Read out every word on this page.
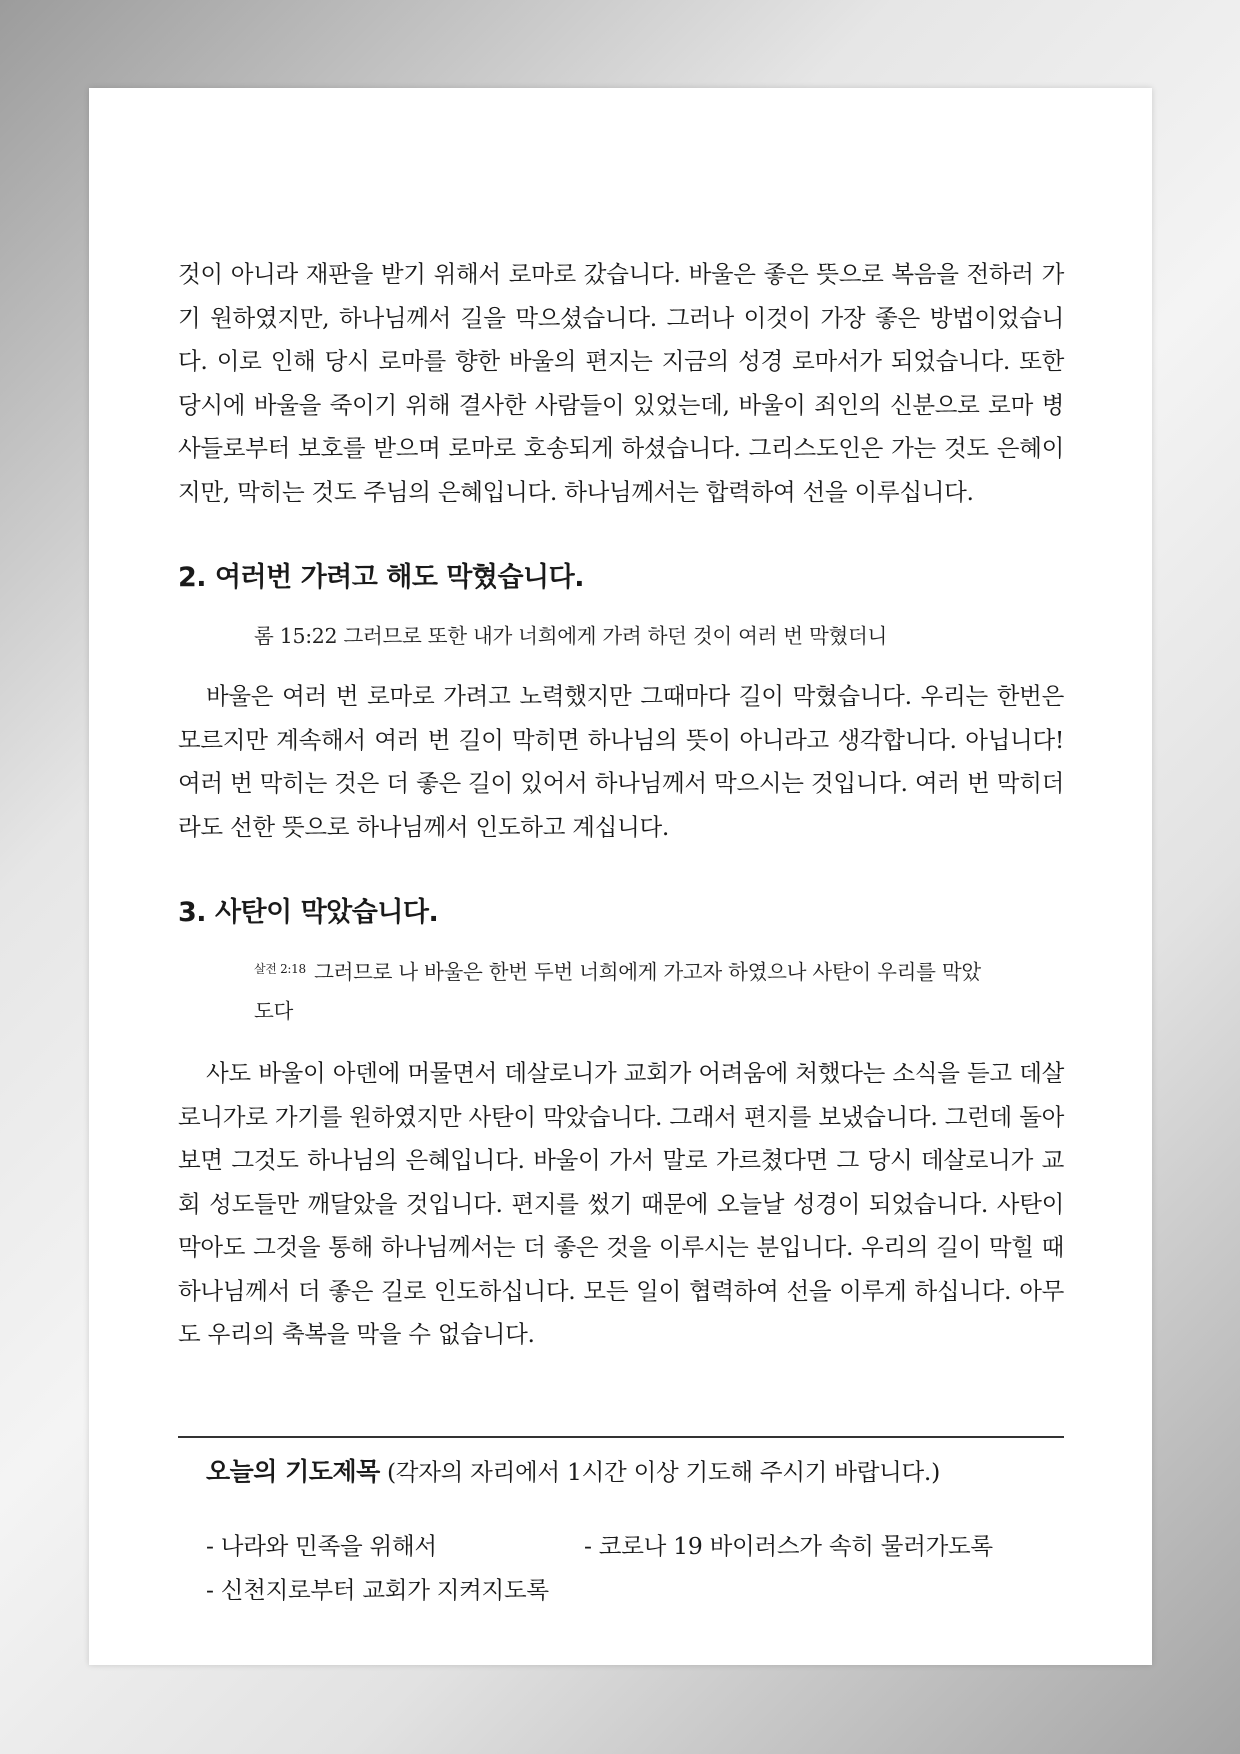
것이 아니라 재판을 받기 위해서 로마로 갔습니다. 바울은 좋은 뜻으로 복음을 전하러 가기 원하였지만, 하나님께서 길을 막으셨습니다. 그러나 이것이 가장 좋은 방법이었습니다. 이로 인해 당시 로마를 향한 바울의 편지는 지금의 성경 로마서가 되었습니다. 또한 당시에 바울을 죽이기 위해 결사한 사람들이 있었는데, 바울이 죄인의 신분으로 로마 병사들로부터 보호를 받으며 로마로 호송되게 하셨습니다. 그리스도인은 가는 것도 은혜이지만, 막히는 것도 주님의 은혜입니다. 하나님께서는 합력하여 선을 이루십니다.

2. 여러번 가려고 해도 막혔습니다.

롬 15:22 그러므로 또한 내가 너희에게 가려 하던 것이 여러 번 막혔더니

바울은 여러 번 로마로 가려고 노력했지만 그때마다 길이 막혔습니다. 우리는 한번은 모르지만 계속해서 여러 번 길이 막히면 하나님의 뜻이 아니라고 생각합니다. 아닙니다! 여러 번 막히는 것은 더 좋은 길이 있어서 하나님께서 막으시는 것입니다. 여러 번 막히더라도 선한 뜻으로 하나님께서 인도하고 계십니다.

3. 사탄이 막았습니다.

$^{살전 2:18}$ 그러므로 나 바울은 한번 두번 너희에게 가고자 하였으나 사탄이 우리를 막았도다

사도 바울이 아덴에 머물면서 데살로니가 교회가 어려움에 처했다는 소식을 듣고 데살로니가로 가기를 원하였지만 사탄이 막았습니다. 그래서 편지를 보냈습니다. 그런데 돌아보면 그것도 하나님의 은혜입니다. 바울이 가서 말로 가르쳤다면 그 당시 데살로니가 교회 성도들만 깨달았을 것입니다. 편지를 썼기 때문에 오늘날 성경이 되었습니다. 사탄이 막아도 그것을 통해 하나님께서는 더 좋은 것을 이루시는 분입니다. 우리의 길이 막힐 때 하나님께서 더 좋은 길로 인도하십니다. 모든 일이 협력하여 선을 이루게 하십니다. 아무도 우리의 축복을 막을 수 없습니다.

오늘의 기도제목 (각자의 자리에서 1시간 이상 기도해 주시기 바랍니다.)

- 나라와 민족을 위해서	- 코로나 19 바이러스가 속히 물러가도록
- 신천지로부터 교회가 지켜지도록
